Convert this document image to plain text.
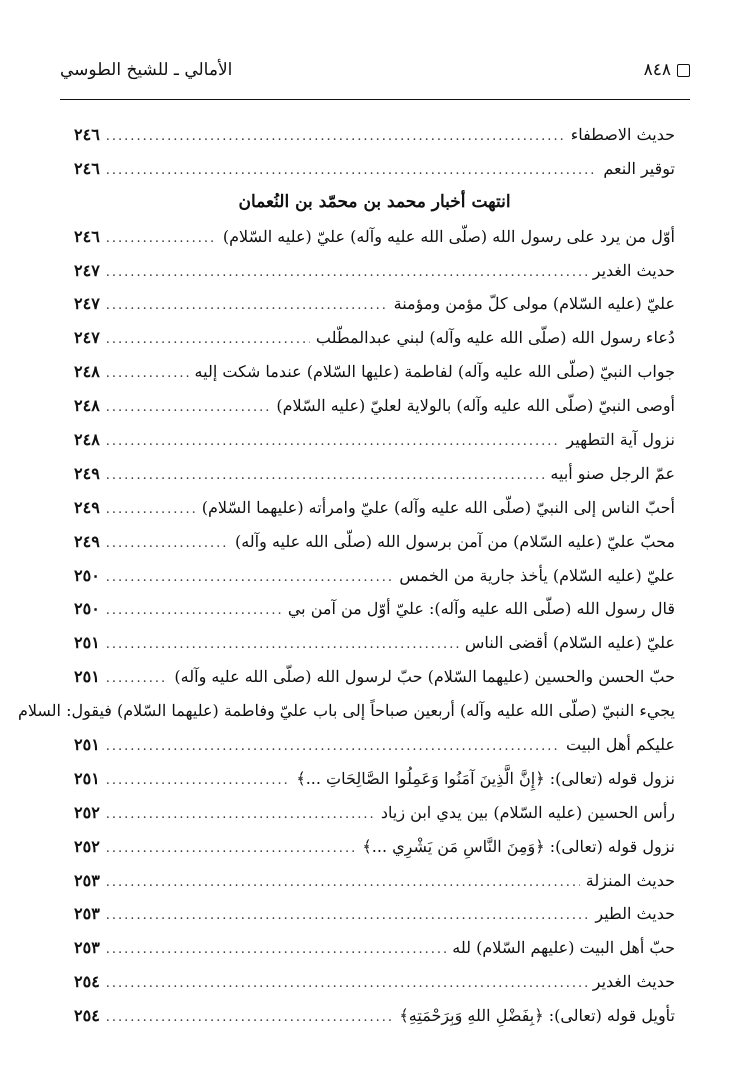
الأمالي ـ للشيخ الطوسي	٨٤٨
حديث الاصطفاء
.....
٢٤٦
توقير النعم
.....
٢٤٦
انتهت أخبار محمد بن محمّد بن النُعمان
أوّل من يرد على رسول الله (صلّى الله عليه وآله) عليّ (عليه السّلام)
.....
٢٤٦
حديث الغدير
.....
٢٤٧
عليّ (عليه السّلام) مولى كلّ مؤمن ومؤمنة
.....
٢٤٧
دُعاء رسول الله (صلّى الله عليه وآله) لبني عبدالمطّلب
.....
٢٤٧
جواب النبيّ (صلّى الله عليه وآله) لفاطمة (عليها السّلام) عندما شكت إليه
.....
٢٤٨
أوصى النبيّ (صلّى الله عليه وآله) بالولاية لعليّ (عليه السّلام)
.....
٢٤٨
نزول آية التطهير
.....
٢٤٨
عمّ الرجل صنو أبيه
.....
٢٤٩
أحبّ الناس إلى النبيّ (صلّى الله عليه وآله) عليّ وامرأته (عليهما السّلام)
.....
٢٤٩
محبّ عليّ (عليه السّلام) من آمن برسول الله (صلّى الله عليه وآله)
.....
٢٤٩
عليّ (عليه السّلام) يأخذ جارية من الخمس
.....
٢٥٠
قال رسول الله (صلّى الله عليه وآله): عليّ أوّل من آمن بي
.....
٢٥٠
عليّ (عليه السّلام) أقضى الناس
.....
٢٥١
حبّ الحسن والحسين (عليهما السّلام) حبّ لرسول الله (صلّى الله عليه وآله)
.....
٢٥١
يجيء النبيّ (صلّى الله عليه وآله) أربعين صباحاً إلى باب عليّ وفاطمة (عليهما السّلام) فيقول: السلام
عليكم أهل البيت
.....
٢٥١
نزول قوله (تعالى): ﴿إِنَّ الَّذِينَ آمَنُوا وَعَمِلُوا الصَّالِحَاتِ ...﴾
.....
٢٥١
رأس الحسين (عليه السّلام) بين يدي ابن زياد
.....
٢٥٢
نزول قوله (تعالى): ﴿وَمِنَ النَّاسِ مَن يَشْرِي ...﴾
.....
٢٥٢
حديث المنزلة
.....
٢٥٣
حديث الطير
.....
٢٥٣
حبّ أهل البيت (عليهم السّلام) لله
.....
٢٥٣
حديث الغدير
.....
٢٥٤
تأويل قوله (تعالى): ﴿بِفَضْلِ اللهِ وَبِرَحْمَتِهِ﴾
.....
٢٥٤
